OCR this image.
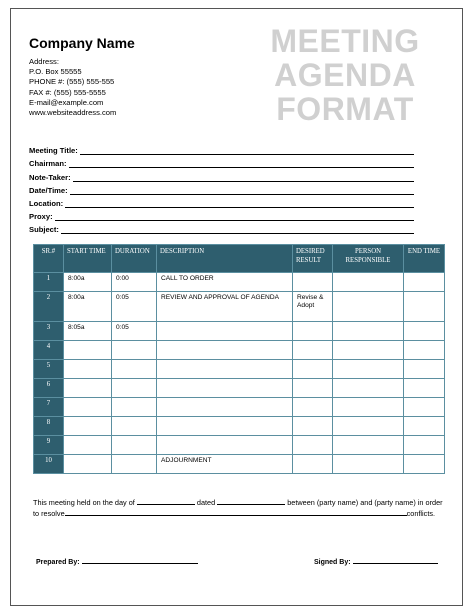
Company Name
Address:
P.O. Box 55555
PHONE #: (555) 555-555
FAX #: (555) 555-5555
E-mail@example.com
www.websiteaddress.com
MEETING
AGENDA
FORMAT
Meeting Title:
Chairman:
Note-Taker:
Date/Time:
Location:
Proxy:
Subject:
SR.#	START TIME	DURATION	DESCRIPTION	DESIRED RESULT	PERSON RESPONSIBLE	END TIME
1	8:00a	0:00	CALL TO ORDER			
2	8:00a	0:05	REVIEW AND APPROVAL OF AGENDA	Revise & Adopt		
3	8:05a	0:05				
4						
5						
6						
7						
8						
9						
10			ADJOURNMENT			
This meeting held on the day of	dated	between (party name) and (party name) in order
to resolve	conflicts.
Prepared By:	Signed By:
